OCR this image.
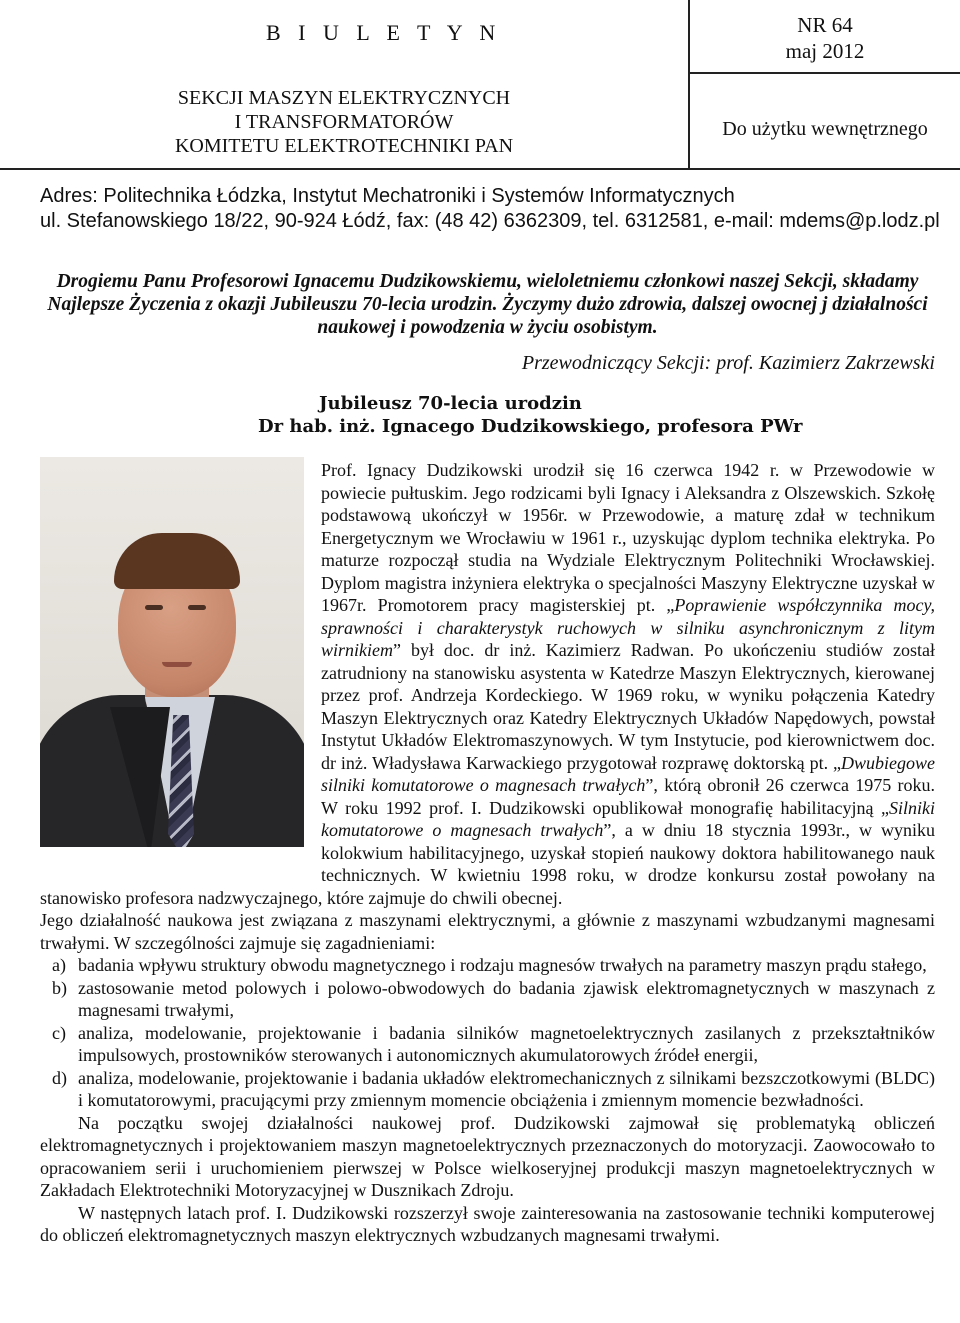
B I U L E T Y N
SEKCJI MASZYN ELEKTRYCZNYCH
I TRANSFORMATORÓW
KOMITETU ELEKTROTECHNIKI PAN
NR 64
maj 2012
Do użytku wewnętrznego
Adres: Politechnika Łódzka, Instytut Mechatroniki i Systemów Informatycznych
ul. Stefanowskiego 18/22, 90-924 Łódź, fax: (48 42) 6362309, tel. 6312581, e-mail: mdems@p.lodz.pl
Drogiemu Panu Profesorowi Ignacemu Dudzikowskiemu, wieloletniemu członkowi naszej Sekcji, składamy Najlepsze Życzenia z okazji Jubileuszu 70-lecia urodzin. Życzymy dużo zdrowia, dalszej owocnej j działalności naukowej i powodzenia w życiu osobistym.
Przewodniczący Sekcji: prof. Kazimierz Zakrzewski
Jubileusz 70-lecia urodzin
Dr hab. inż. Ignacego Dudzikowskiego, profesora PWr

Prof. Ignacy Dudzikowski urodził się 16 czerwca 1942 r. w Przewodowie w powiecie pułtuskim. Jego rodzicami byli Ignacy i Aleksandra z Olszewskich. Szkołę podstawową ukończył w 1956r. w Przewodowie, a maturę zdał w technikum Energetycznym we Wrocławiu w 1961 r., uzyskując dyplom technika elektryka. Po maturze rozpoczął studia na Wydziale Elektrycznym Politechniki Wrocławskiej. Dyplom magistra inżyniera elektryka o specjalności Maszyny Elektryczne uzyskał w 1967r. Promotorem pracy magisterskiej pt. „Poprawienie współczynnika mocy, sprawności i charakterystyk ruchowych w silniku asynchronicznym z litym wirnikiem” był doc. dr inż. Kazimierz Radwan. Po ukończeniu studiów został zatrudniony na stanowisku asystenta w Katedrze Maszyn Elektrycznych, kierowanej przez prof. Andrzeja Kordeckiego. W 1969 roku, w wyniku połączenia Katedry Maszyn Elektrycznych oraz Katedry Elektrycznych Układów Napędowych, powstał Instytut Układów Elektromaszynowych. W tym Instytucie, pod kierownictwem doc. dr inż. Władysława Karwackiego przygotował rozprawę doktorską pt. „Dwubiegowe silniki komutatorowe o magnesach trwałych”, którą obronił 26 czerwca 1975 roku. W roku 1992 prof. I. Dudzikowski opublikował monografię habilitacyjną „Silniki komutatorowe o magnesach trwałych”, a w dniu 18 stycznia 1993r., w wyniku kolokwium habilitacyjnego, uzyskał stopień naukowy doktora habilitowanego nauk technicznych. W kwietniu 1998 roku, w drodze konkursu został powołany na stanowisko profesora nadzwyczajnego, które zajmuje do chwili obecnej.

Jego działalność naukowa jest związana z maszynami elektrycznymi, a głównie z maszynami wzbudzanymi magnesami trwałymi. W szczególności zajmuje się zagadnieniami:

a) badania wpływu struktury obwodu magnetycznego i rodzaju magnesów trwałych na parametry maszyn prądu stałego,
b) zastosowanie metod polowych i polowo-obwodowych do badania zjawisk elektromagnetycznych w maszynach z magnesami trwałymi,
c) analiza, modelowanie, projektowanie i badania silników magnetoelektrycznych zasilanych z przekształtników impulsowych, prostowników sterowanych i autonomicznych akumulatorowych źródeł energii,
d) analiza, modelowanie, projektowanie i badania układów elektromechanicznych z silnikami bezszczotkowymi (BLDC) i komutatorowymi, pracującymi przy zmiennym momencie obciążenia i zmiennym momencie bezwładności.

Na początku swojej działalności naukowej prof. Dudzikowski zajmował się problematyką obliczeń elektromagnetycznych i projektowaniem maszyn magnetoelektrycznych przeznaczonych do motoryzacji. Zaowocowało to opracowaniem serii i uruchomieniem pierwszej w Polsce wielkoseryjnej produkcji maszyn magnetoelektrycznych w Zakładach Elektrotechniki Motoryzacyjnej w Dusznikach Zdroju.

W następnych latach prof. I. Dudzikowski rozszerzył swoje zainteresowania na zastosowanie techniki komputerowej do obliczeń elektromagnetycznych maszyn elektrycznych wzbudzanych magnesami trwałymi.
